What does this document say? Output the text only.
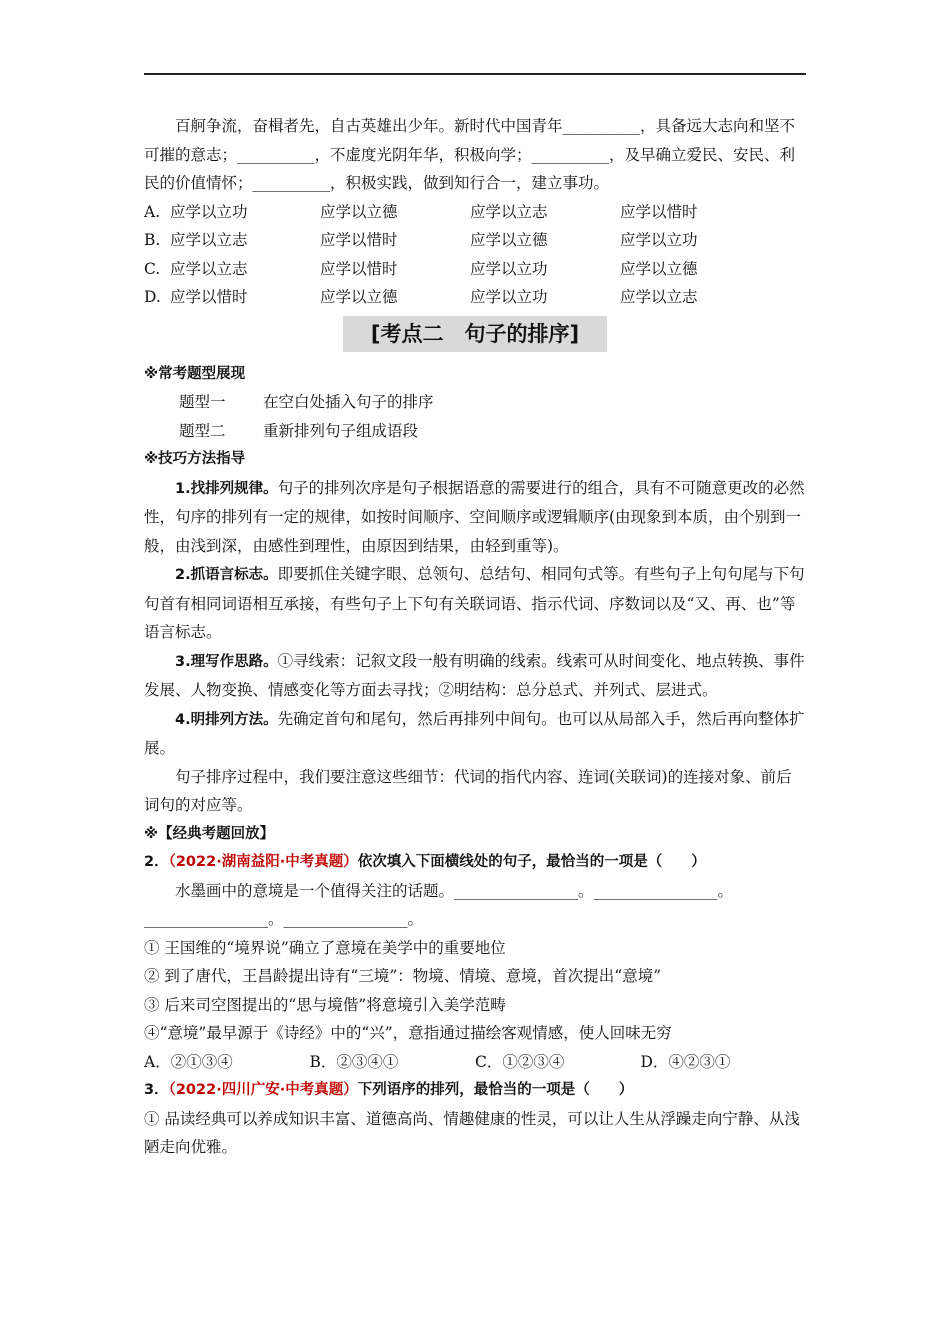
百舸争流，奋楫者先，自古英雄出少年。新时代中国青年__________，具备远大志向和坚不可摧的意志；__________，不虚度光阴年华，积极向学；__________，及早确立爱民、安民、利民的价值情怀；__________，积极实践，做到知行合一，建立事功。

A. 应学以立功	应学以立德	应学以立志	应学以惜时
B. 应学以立志	应学以惜时	应学以立德	应学以立功
C. 应学以立志	应学以惜时	应学以立功	应学以立德
D. 应学以惜时	应学以立德	应学以立功	应学以立志
[考点二　句子的排序]

※常考题型展现

题型一 在空白处插入句子的排序

题型二 重新排列句子组成语段

※技巧方法指导

1.找排列规律。句子的排列次序是句子根据语意的需要进行的组合，具有不可随意更改的必然性，句序的排列有一定的规律，如按时间顺序、空间顺序或逻辑顺序(由现象到本质，由个别到一般，由浅到深，由感性到理性，由原因到结果，由轻到重等)。

2.抓语言标志。即要抓住关键字眼、总领句、总结句、相同句式等。有些句子上句句尾与下句句首有相同词语相互承接，有些句子上下句有关联词语、指示代词、序数词以及“又、再、也”等语言标志。

3.理写作思路。①寻线索：记叙文段一般有明确的线索。线索可从时间变化、地点转换、事件发展、人物变换、情感变化等方面去寻找；②明结构：总分总式、并列式、层进式。

4.明排列方法。先确定首句和尾句，然后再排列中间句。也可以从局部入手，然后再向整体扩展。

句子排序过程中，我们要注意这些细节：代词的指代内容、连词(关联词)的连接对象、前后词句的对应等。

※【经典考题回放】

2．（2022·湖南益阳·中考真题）依次填入下面横线处的句子，最恰当的一项是（　　）

水墨画中的意境是一个值得关注的话题。________________。________________。________________。________________。

① 王国维的“境界说”确立了意境在美学中的重要地位

② 到了唐代，王昌龄提出诗有“三境”：物境、情境、意境，首次提出“意境”

③ 后来司空图提出的“思与境偕”将意境引入美学范畴

④“意境”最早源于《诗经》中的“兴”，意指通过描绘客观情感，使人回味无穷

A．②①③④	B．②③④①	C．①②③④	D．④②③①

3．（2022·四川广安·中考真题）下列语序的排列，最恰当的一项是（　　）

① 品读经典可以养成知识丰富、道德高尚、情趣健康的性灵，可以让人生从浮躁走向宁静、从浅陋走向优雅。
